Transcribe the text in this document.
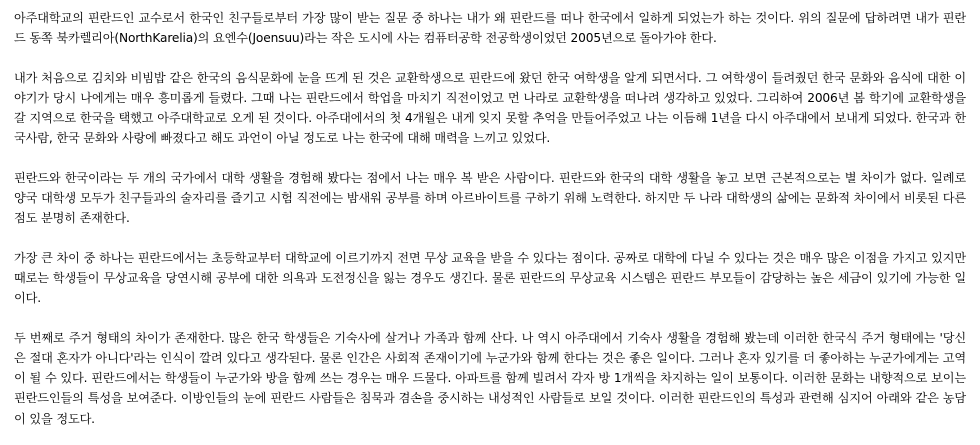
아주대학교의 핀란드인 교수로서 한국인 친구들로부터 가장 많이 받는 질문 중 하나는 내가 왜 핀란드를 떠나 한국에서 일하게 되었는가 하는 것이다. 위의 질문에 답하려면 내가 핀란드 동쪽 북카렐리아(NorthKarelia)의 요엔수(Joensuu)라는 작은 도시에 사는 컴퓨터공학 전공학생이었던 2005년으로 돌아가야 한다.

내가 처음으로 김치와 비빔밥 같은 한국의 음식문화에 눈을 뜨게 된 것은 교환학생으로 핀란드에 왔던 한국 여학생을 알게 되면서다. 그 여학생이 들려줬던 한국 문화와 음식에 대한 이야기가 당시 나에게는 매우 흥미롭게 들렸다. 그때 나는 핀란드에서 학업을 마치기 직전이었고 먼 나라로 교환학생을 떠나려 생각하고 있었다. 그리하여 2006년 봄 학기에 교환학생을 갈 지역으로 한국을 택했고 아주대학교로 오게 된 것이다. 아주대에서의 첫 4개월은 내게 잊지 못할 추억을 만들어주었고 나는 이듬해 1년을 다시 아주대에서 보내게 되었다. 한국과 한국사람, 한국 문화와 사랑에 빠졌다고 해도 과언이 아닐 정도로 나는 한국에 대해 매력을 느끼고 있었다.

핀란드와 한국이라는 두 개의 국가에서 대학 생활을 경험해 봤다는 점에서 나는 매우 복 받은 사람이다. 핀란드와 한국의 대학 생활을 놓고 보면 근본적으로는 별 차이가 없다. 일례로 양국 대학생 모두가 친구들과의 술자리를 즐기고 시험 직전에는 밤새워 공부를 하며 아르바이트를 구하기 위해 노력한다. 하지만 두 나라 대학생의 삶에는 문화적 차이에서 비롯된 다른 점도 분명히 존재한다.

가장 큰 차이 중 하나는 핀란드에서는 초등학교부터 대학교에 이르기까지 전면 무상 교육을 받을 수 있다는 점이다. 공짜로 대학에 다닐 수 있다는 것은 매우 많은 이점을 가지고 있지만 때로는 학생들이 무상교육을 당연시해 공부에 대한 의욕과 도전정신을 잃는 경우도 생긴다. 물론 핀란드의 무상교육 시스템은 핀란드 부모들이 감당하는 높은 세금이 있기에 가능한 일이다.

두 번째로 주거 형태의 차이가 존재한다. 많은 한국 학생들은 기숙사에 살거나 가족과 함께 산다. 나 역시 아주대에서 기숙사 생활을 경험해 봤는데 이러한 한국식 주거 형태에는 '당신은 절대 혼자가 아니다'라는 인식이 깔려 있다고 생각된다. 물론 인간은 사회적 존재이기에 누군가와 함께 한다는 것은 좋은 일이다. 그러나 혼자 있기를 더 좋아하는 누군가에게는 고역이 될 수 있다. 핀란드에서는 학생들이 누군가와 방을 함께 쓰는 경우는 매우 드물다. 아파트를 함께 빌려서 각자 방 1개씩을 차지하는 일이 보통이다. 이러한 문화는 내향적으로 보이는 핀란드인들의 특성을 보여준다. 이방인들의 눈에 핀란드 사람들은 침묵과 겸손을 중시하는 내성적인 사람들로 보일 것이다. 이러한 핀란드인의 특성과 관련해 심지어 아래와 같은 농담이 있을 정도다.
